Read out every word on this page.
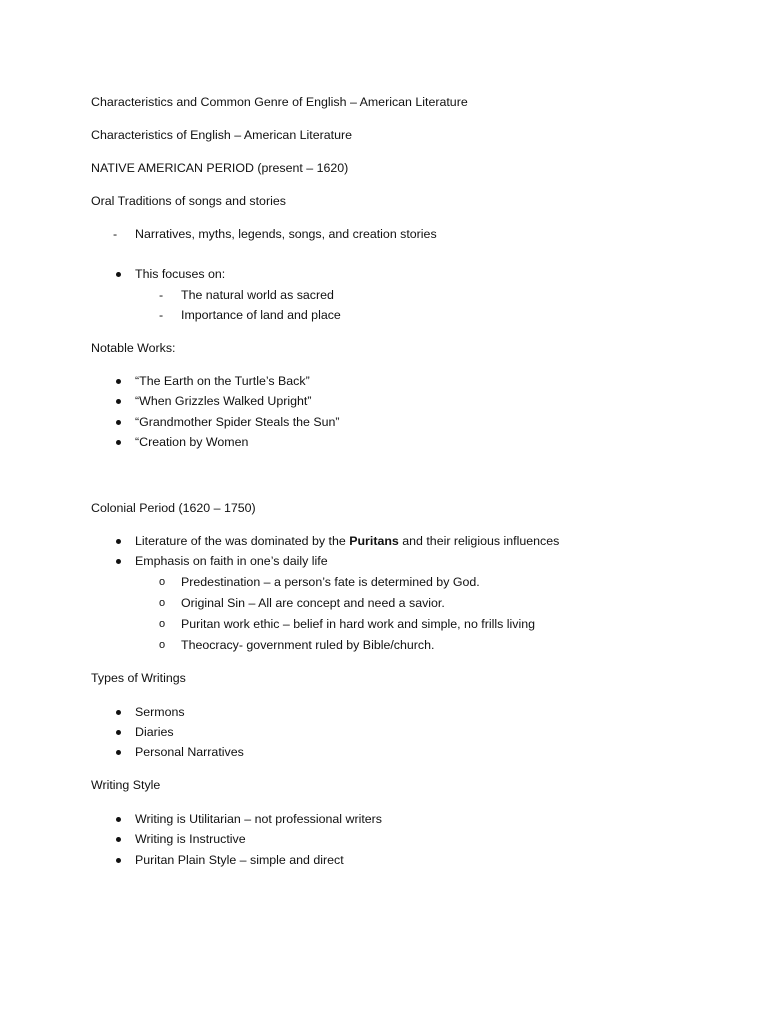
Characteristics and Common Genre of English – American Literature
Characteristics of English – American Literature
NATIVE AMERICAN PERIOD (present – 1620)
Oral Traditions of songs and stories
- Narratives, myths, legends, songs, and creation stories
This focuses on:
- The natural world as sacred
- Importance of land and place
Notable Works:
“The Earth on the Turtle’s Back”
“When Grizzles Walked Upright”
“Grandmother Spider Steals the Sun”
“Creation by Women
Colonial Period (1620 – 1750)
Literature of the was dominated by the Puritans and their religious influences
Emphasis on faith in one’s daily life
o Predestination – a person’s fate is determined by God.
o Original Sin – All are concept and need a savior.
o Puritan work ethic – belief in hard work and simple, no frills living
o Theocracy- government ruled by Bible/church.
Types of Writings
Sermons
Diaries
Personal Narratives
Writing Style
Writing is Utilitarian – not professional writers
Writing is Instructive
Puritan Plain Style – simple and direct
